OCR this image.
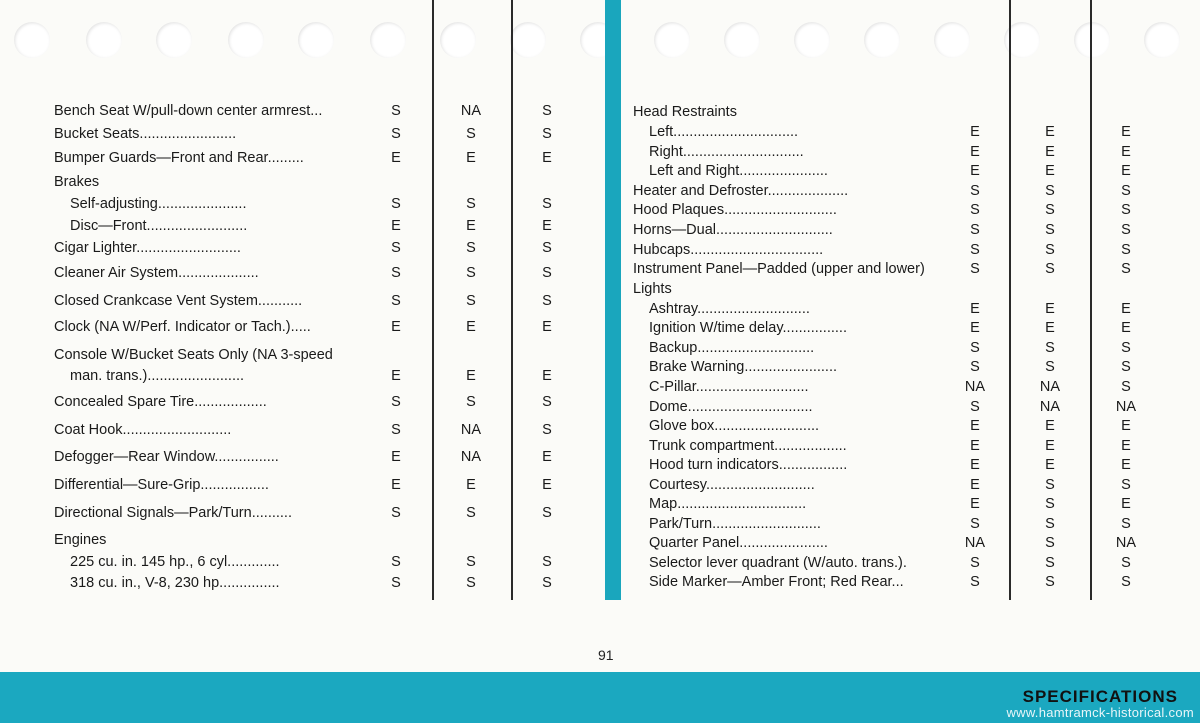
Bench Seat W/pull-down center armrest...	S	NA	S
Bucket Seats........................	S	S	S
Bumper Guards—Front and Rear.........	E	E	E
Brakes
Self-adjusting......................	S	S	S
Disc—Front.........................	E	E	E
Cigar Lighter..........................	S	S	S
Cleaner Air System....................	S	S	S
Closed Crankcase Vent System...........	S	S	S
Clock (NA W/Perf. Indicator or Tach.).....	E	E	E
Console W/Bucket Seats Only (NA 3-speed
man. trans.)........................	E	E	E
Concealed Spare Tire..................	S	S	S
Coat Hook...........................	S	NA	S
Defogger—Rear Window................	E	NA	E
Differential—Sure-Grip.................	E	E	E
Directional Signals—Park/Turn..........	S	S	S
Engines
225 cu. in. 145 hp., 6 cyl.............	S	S	S
318 cu. in., V-8, 230 hp...............	S	S	S
Head Restraints
Left...............................	E	E	E
Right..............................	E	E	E
Left and Right......................	E	E	E
Heater and Defroster....................	S	S	S
Hood Plaques............................	S	S	S
Horns—Dual.............................	S	S	S
Hubcaps.................................	S	S	S
Instrument Panel—Padded (upper and lower)	S	S	S
Lights
Ashtray............................	E	E	E
Ignition W/time delay................	E	E	E
Backup.............................	S	S	S
Brake Warning.......................	S	S	S
C-Pillar............................	NA	NA	S
Dome...............................	S	NA	NA
Glove box..........................	E	E	E
Trunk compartment..................	E	E	E
Hood turn indicators.................	E	E	E
Courtesy...........................	E	S	S
Map................................	E	S	E
Park/Turn...........................	S	S	S
Quarter Panel......................	NA	S	NA
Selector lever quadrant (W/auto. trans.).	S	S	S
Side Marker—Amber Front; Red Rear...	S	S	S
91
SPECIFICATIONS
www.hamtramck-historical.com
